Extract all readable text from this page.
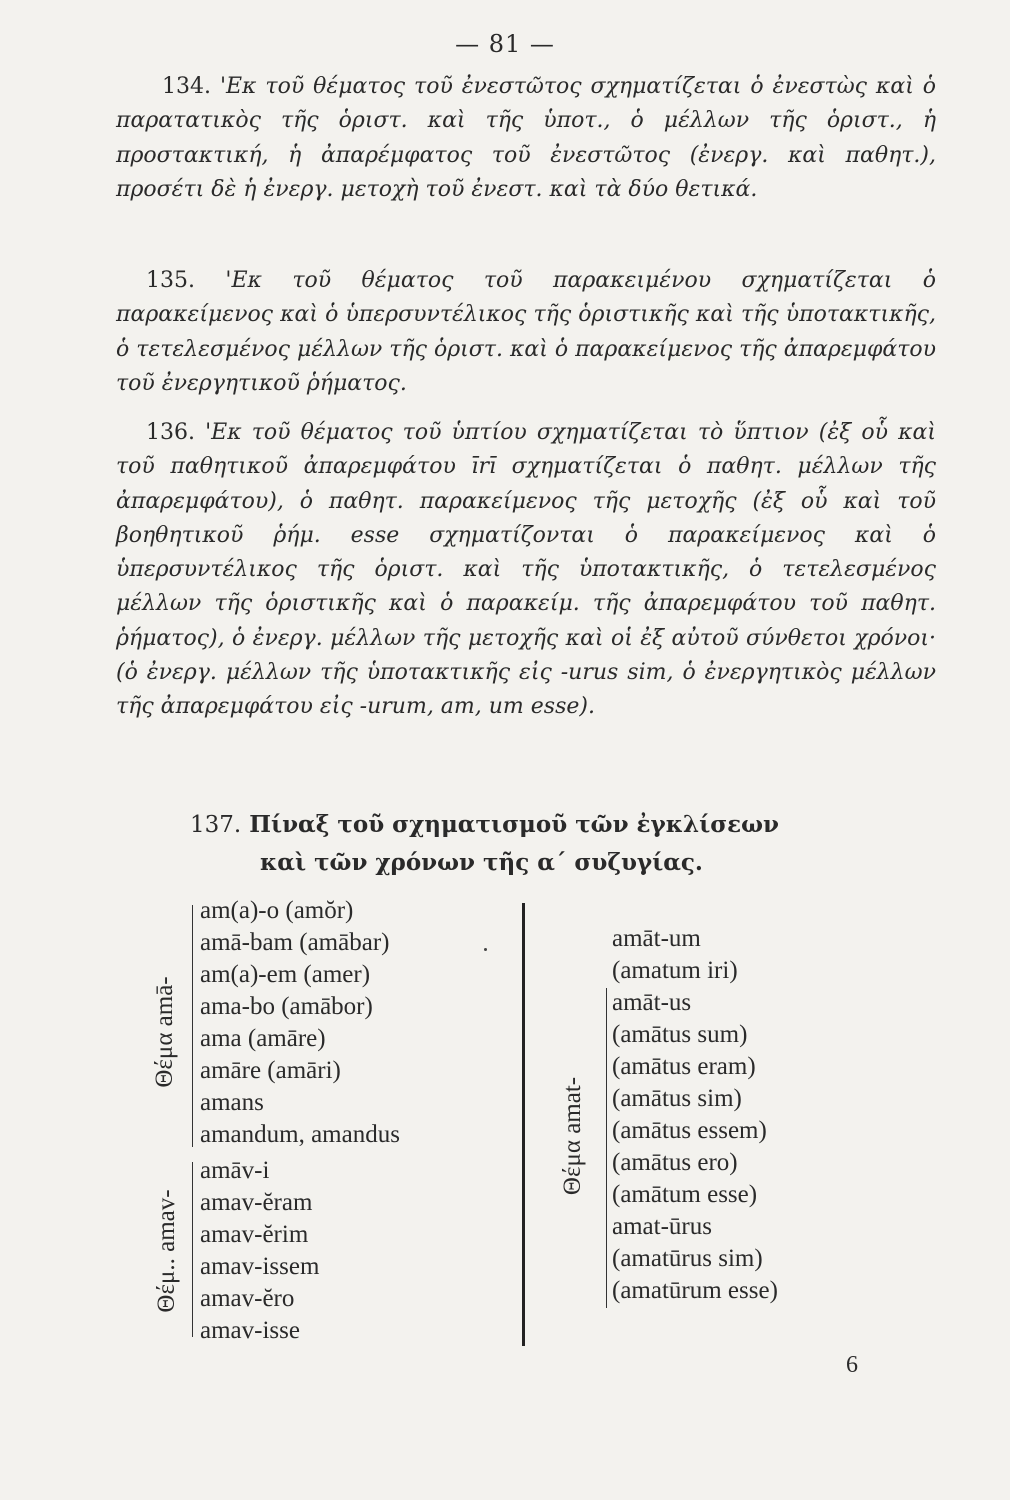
— 81 —

134. 'Εκ τοῦ θέματος τοῦ ἐνεστῶτος σχηματίζεται ὁ ἐνεστὼς καὶ ὁ παρατατικὸς τῆς ὁριστ. καὶ τῆς ὑποτ., ὁ μέλλων τῆς ὁριστ., ἡ προστακτική, ἡ ἀπαρέμφατος τοῦ ἐνεστῶτος (ἐνεργ. καὶ παθητ.), προσέτι δὲ ἡ ἐνεργ. μετοχὴ τοῦ ἐνεστ. καὶ τὰ δύο θετικά.

135. 'Εκ τοῦ θέματος τοῦ παρακειμένου σχηματίζεται ὁ παρακείμενος καὶ ὁ ὑπερσυντέλικος τῆς ὁριστικῆς καὶ τῆς ὑποτακτικῆς, ὁ τετελεσμένος μέλλων τῆς ὁριστ. καὶ ὁ παρακείμενος τῆς ἀπαρεμφάτου τοῦ ἐνεργητικοῦ ῥήματος.

136. 'Εκ τοῦ θέματος τοῦ ὑπτίου σχηματίζεται τὸ ὕπτιον (ἐξ οὗ καὶ τοῦ παθητικοῦ ἀπαρεμφάτου īrī σχηματίζεται ὁ παθητ. μέλλων τῆς ἀπαρεμφάτου), ὁ παθητ. παρακείμενος τῆς μετοχῆς (ἐξ οὗ καὶ τοῦ βοηθητικοῦ ῥήμ. esse σχηματίζονται ὁ παρακείμενος καὶ ὁ ὑπερσυντέλικος τῆς ὁριστ. καὶ τῆς ὑποτακτικῆς, ὁ τετελεσμένος μέλλων τῆς ὁριστικῆς καὶ ὁ παρακείμ. τῆς ἀπαρεμφάτου τοῦ παθητ. ῥήματος), ὁ ἐνεργ. μέλλων τῆς μετοχῆς καὶ οἱ ἐξ αὐτοῦ σύνθετοι χρόνοι· (ὁ ἐνεργ. μέλλων τῆς ὑποτακτικῆς εἰς -urus sim, ὁ ἐνεργητικὸς μέλλων τῆς ἀπαρεμφάτου εἰς -urum, am, um esse).

137. Πίναξ τοῦ σχηματισμοῦ τῶν ἐγκλίσεων
καὶ τῶν χρόνων τῆς α΄ συζυγίας.
Θέμα amā-
Θέμ.. amav-
am(a)-o (amŏr)
amā-bam (amābar)
am(a)-em (amer)
ama-bo (amābor)
ama (amāre)
amāre (amāri)
amans
amandum, amandus
amāv-i
amav-ĕram
amav-ĕrim
amav-issem
amav-ĕro
amav-isse
Θέμα amat-
amāt-um
(amatum iri)
amāt-us
(amātus sum)
(amātus eram)
(amātus sim)
(amātus essem)
(amātus ero)
(amātum esse)
amat-ūrus
(amatūrus sim)
(amatūrum esse)
6
